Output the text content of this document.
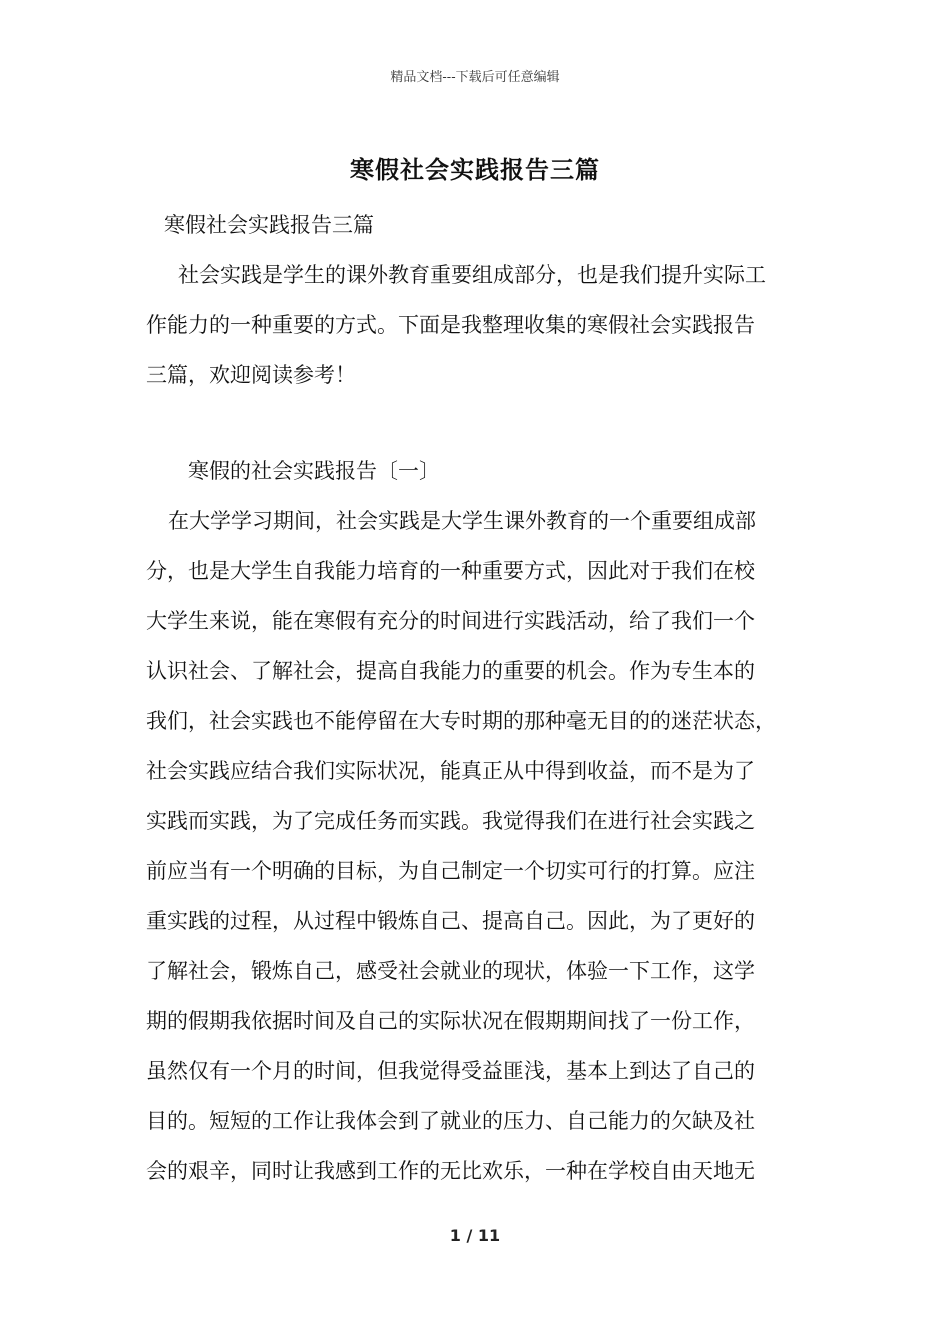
精品文档---下载后可任意编辑
寒假社会实践报告三篇
寒假社会实践报告三篇
社会实践是学生的课外教育重要组成部分，也是我们提升实际工
作能力的一种重要的方式。下面是我整理收集的寒假社会实践报告
三篇，欢迎阅读参考！
寒假的社会实践报告〔一〕
在大学学习期间，社会实践是大学生课外教育的一个重要组成部
分，也是大学生自我能力培育的一种重要方式，因此对于我们在校
大学生来说，能在寒假有充分的时间进行实践活动，给了我们一个
认识社会、了解社会，提高自我能力的重要的机会。作为专生本的
我们，社会实践也不能停留在大专时期的那种毫无目的的迷茫状态，
社会实践应结合我们实际状况，能真正从中得到收益，而不是为了
实践而实践，为了完成任务而实践。我觉得我们在进行社会实践之
前应当有一个明确的目标，为自己制定一个切实可行的打算。应注
重实践的过程，从过程中锻炼自己、提高自己。因此，为了更好的
了解社会，锻炼自己，感受社会就业的现状，体验一下工作，这学
期的假期我依据时间及自己的实际状况在假期期间找了一份工作，
虽然仅有一个月的时间，但我觉得受益匪浅，基本上到达了自己的
目的。短短的工作让我体会到了就业的压力、自己能力的欠缺及社
会的艰辛，同时让我感到工作的无比欢乐，一种在学校自由天地无
1 / 11
